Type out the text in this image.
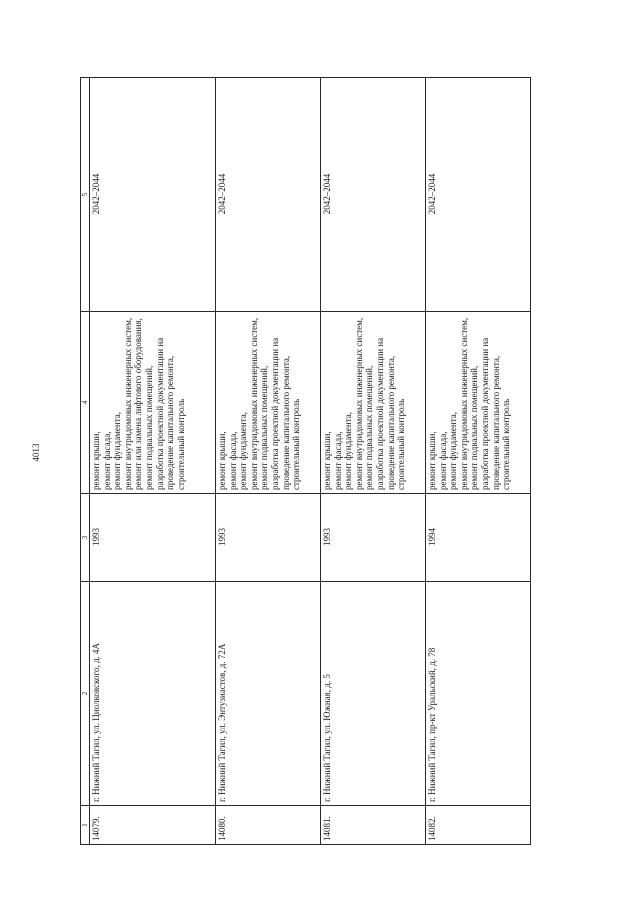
4013
1
2
3
4
5
14079.
г. Нижний Тагил, ул. Циолковского, д. 4А
1993
ремонт крыши, ремонт фасада, ремонт фундамента, ремонт внутридомовых инженерных систем, ремонт или замена лифтового оборудования, ремонт подвальных помещений, разработка проектной документации на проведение капитального ремонта, строительный контроль
2042–2044
14080.
г. Нижний Тагил, ул. Энтузиастов, д. 72А
1993
ремонт крыши, ремонт фасада, ремонт фундамента, ремонт внутридомовых инженерных систем, ремонт подвальных помещений, разработка проектной документации на проведение капитального ремонта, строительный контроль
2042–2044
14081.
г. Нижний Тагил, ул. Южная, д. 5
1993
ремонт крыши, ремонт фасада, ремонт фундамента, ремонт внутридомовых инженерных систем, ремонт подвальных помещений, разработка проектной документации на проведение капитального ремонта, строительный контроль
2042–2044
14082.
г. Нижний Тагил, пр-кт Уральский, д. 78
1994
ремонт крыши, ремонт фасада, ремонт фундамента, ремонт внутридомовых инженерных систем, ремонт подвальных помещений, разработка проектной документации на проведение капитального ремонта, строительный контроль
2042–2044
